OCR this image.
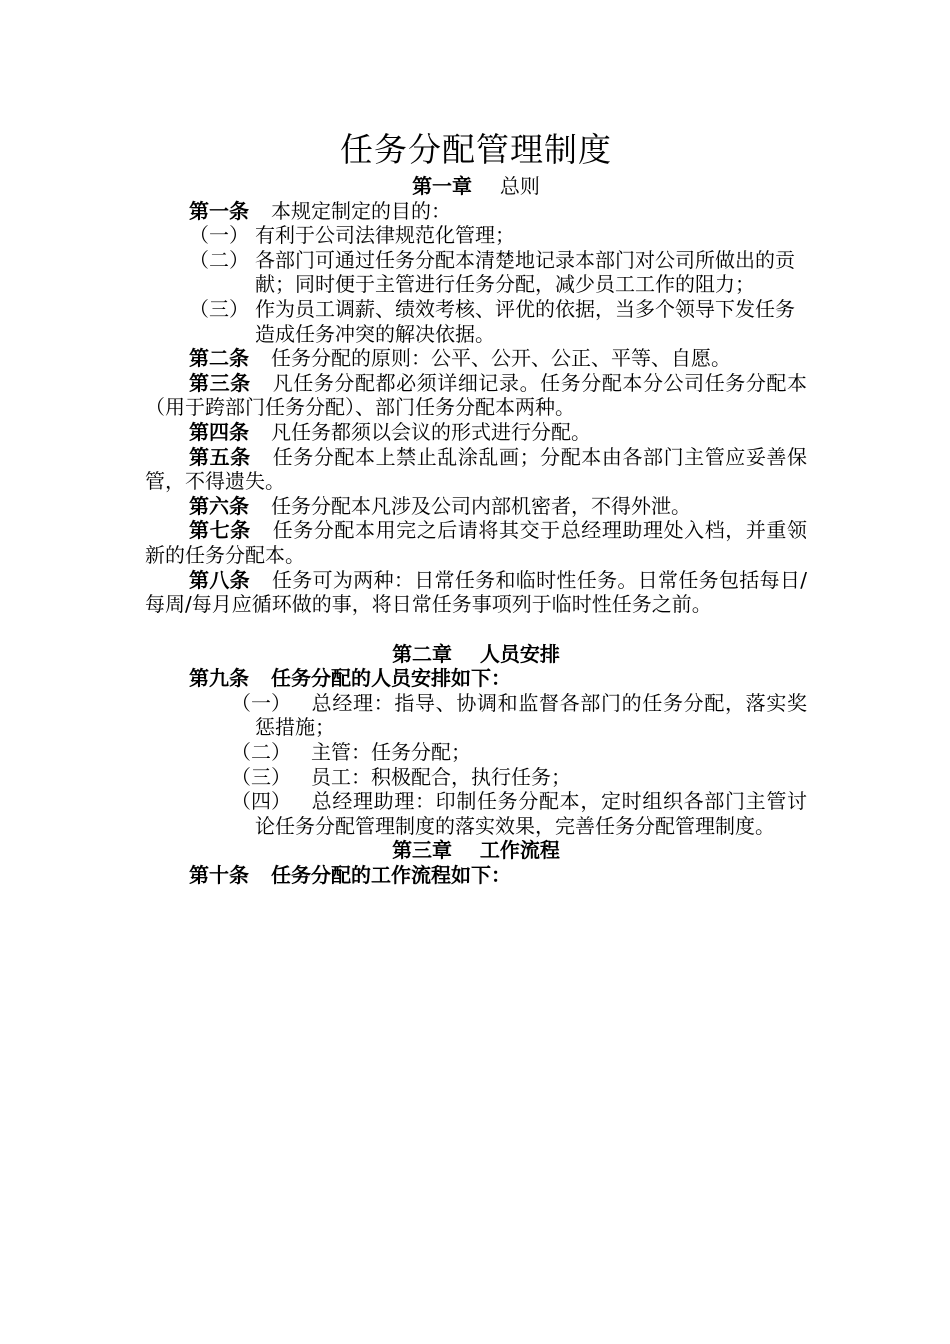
任务分配管理制度

第一章 总则

第一条 本规定制定的目的：

（一） 有利于公司法律规范化管理；

（二） 各部门可通过任务分配本清楚地记录本部门对公司所做出的贡献；同时便于主管进行任务分配，减少员工工作的阻力；

（三） 作为员工调薪、绩效考核、评优的依据，当多个领导下发任务造成任务冲突的解决依据。

第二条 任务分配的原则：公平、公开、公正、平等、自愿。

第三条 凡任务分配都必须详细记录。任务分配本分公司任务分配本（用于跨部门任务分配）、部门任务分配本两种。

第四条 凡任务都须以会议的形式进行分配。

第五条 任务分配本上禁止乱涂乱画；分配本由各部门主管应妥善保管，不得遗失。

第六条 任务分配本凡涉及公司内部机密者，不得外泄。

第七条 任务分配本用完之后请将其交于总经理助理处入档，并重领新的任务分配本。

第八条 任务可为两种：日常任务和临时性任务。日常任务包括每日/每周/每月应循环做的事，将日常任务事项列于临时性任务之前。

第二章 人员安排

第九条 任务分配的人员安排如下：

（一） 总经理：指导、协调和监督各部门的任务分配，落实奖惩措施；

（二） 主管：任务分配；

（三） 员工：积极配合，执行任务；

（四） 总经理助理：印制任务分配本，定时组织各部门主管讨论任务分配管理制度的落实效果，完善任务分配管理制度。

第三章 工作流程

第十条 任务分配的工作流程如下：
